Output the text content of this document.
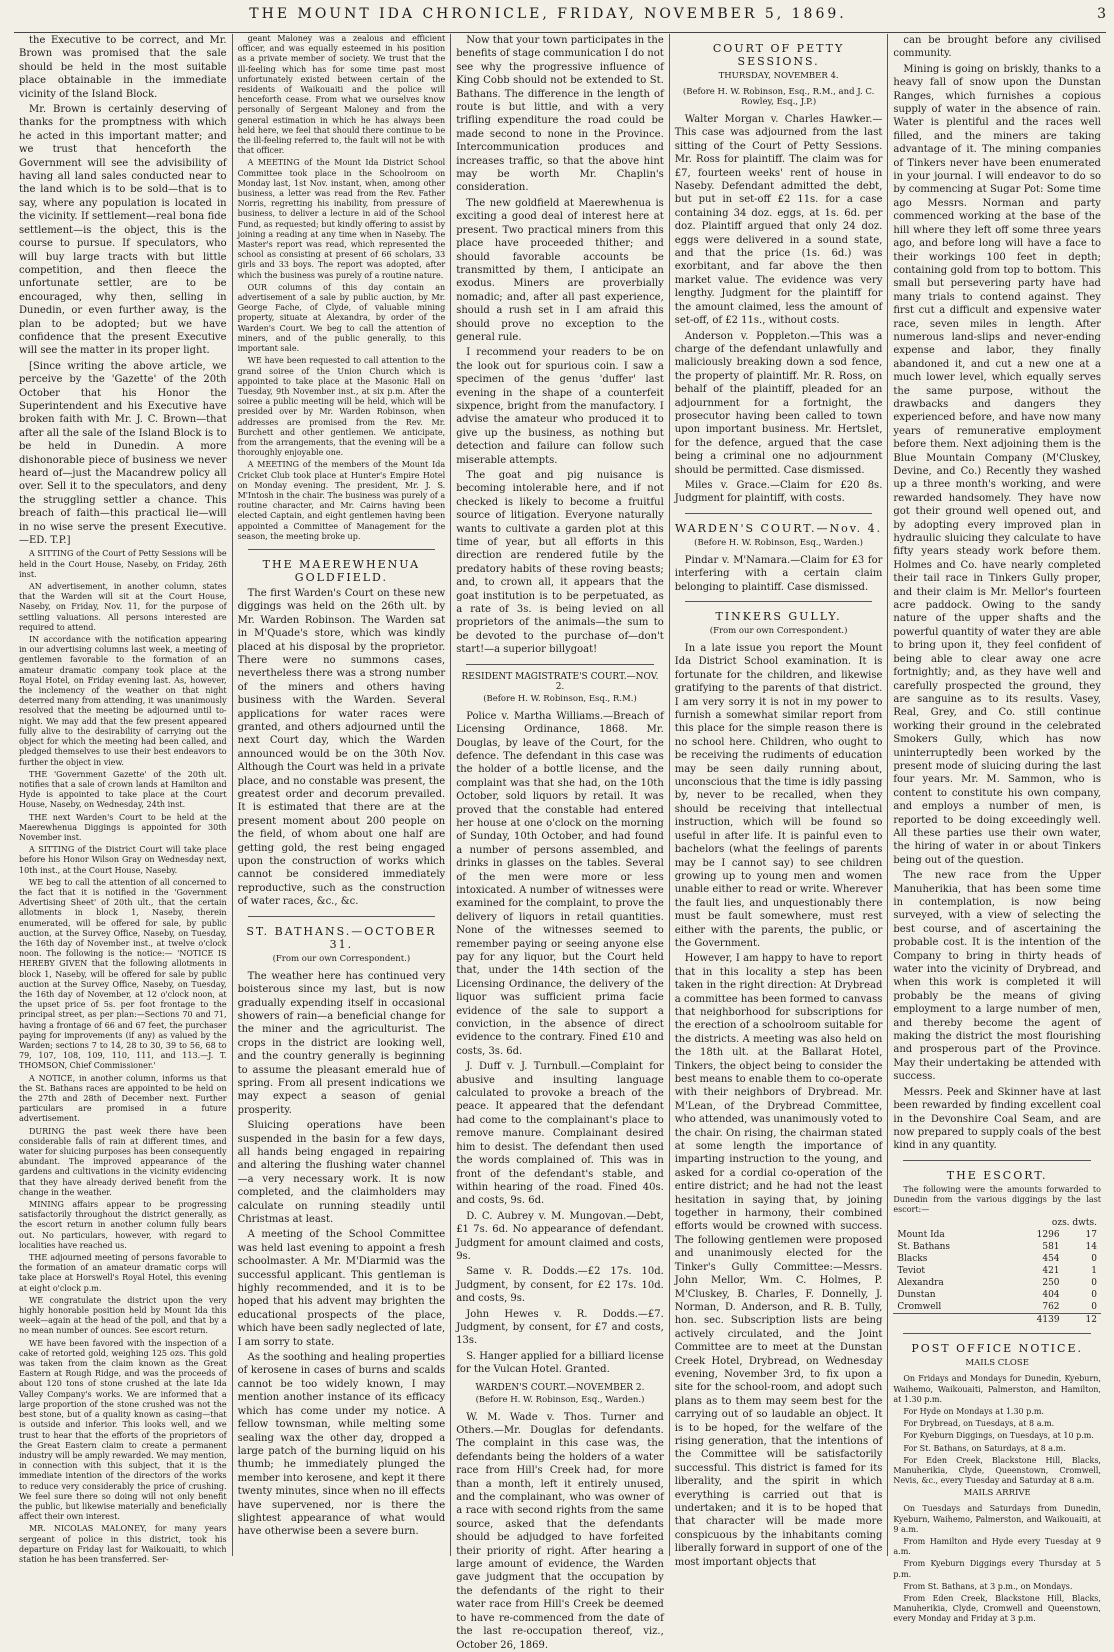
THE MOUNT IDA CHRONICLE, FRIDAY, NOVEMBER 5, 1869.	3

the Executive to be correct, and Mr. Brown was promised that the sale should be held in the most suitable place obtainable in the immediate vicinity of the Island Block.

Mr. Brown is certainly deserving of thanks for the promptness with which he acted in this important matter; and we trust that henceforth the Government will see the advisibility of having all land sales conducted near to the land which is to be sold—that is to say, where any population is located in the vicinity. If settlement—real bona fide settlement—is the object, this is the course to pursue. If speculators, who will buy large tracts with but little competition, and then fleece the unfortunate settler, are to be encouraged, why then, selling in Dunedin, or even further away, is the plan to be adopted; but we have confidence that the present Executive will see the matter in its proper light.

[Since writing the above article, we perceive by the 'Gazette' of the 20th October that his Honor the Superintendent and his Executive have broken faith with Mr. J. C. Brown—that after all the sale of the Island Block is to be held in Dunedin. A more dishonorable piece of business we never heard of—just the Macandrew policy all over. Sell it to the speculators, and deny the struggling settler a chance. This breach of faith—this practical lie—will in no wise serve the present Executive.—ED. T.P.]

A SITTING of the Court of Petty Sessions will be held in the Court House, Naseby, on Friday, 26th inst.

AN advertisement, in another column, states that the Warden will sit at the Court House, Naseby, on Friday, Nov. 11, for the purpose of settling valuations. All persons interested are required to attend.

IN accordance with the notification appearing in our advertising columns last week, a meeting of gentlemen favorable to the formation of an amateur dramatic company took place at the Royal Hotel, on Friday evening last. As, however, the inclemency of the weather on that night deterred many from attending, it was unanimously resolved that the meeting be adjourned until to-night. We may add that the few present appeared fully alive to the desirability of carrying out the object for which the meeting had been called, and pledged themselves to use their best endeavors to further the object in view.

THE 'Government Gazette' of the 20th ult. notifies that a sale of crown lands at Hamilton and Hyde is appointed to take place at the Court House, Naseby, on Wednesday, 24th inst.

THE next Warden's Court to be held at the Maerewhenua Diggings is appointed for 30th November inst.

A SITTING of the District Court will take place before his Honor Wilson Gray on Wednesday next, 10th inst., at the Court House, Naseby.

WE beg to call the attention of all concerned to the fact that it is notified in the 'Government Advertising Sheet' of 20th ult., that the certain allotments in block 1, Naseby, therein enumerated, will be offered for sale, by public auction, at the Survey Office, Naseby, on Tuesday, the 16th day of November inst., at twelve o'clock noon. The following is the notice:— 'NOTICE IS HEREBY GIVEN that the following allotments in block 1, Naseby, will be offered for sale by public auction at the Survey Office, Naseby, on Tuesday, the 16th day of November, at 12 o'clock noon, at the upset price of 5s. per foot frontage to the principal street, as per plan:—Sections 70 and 71, having a frontage of 66 and 67 feet, the purchaser paying for improvements (if any) as valued by the Warden; sections 7 to 14, 28 to 30, 39 to 56, 68 to 79, 107, 108, 109, 110, 111, and 113.—J. T. THOMSON, Chief Commissioner.'

A NOTICE, in another column, informs us that the St. Bathans races are appointed to be held on the 27th and 28th of December next. Further particulars are promised in a future advertisement.

DURING the past week there have been considerable falls of rain at different times, and water for sluicing purposes has been consequently abundant. The improved appearance of the gardens and cultivations in the vicinity evidencing that they have already derived benefit from the change in the weather.

MINING affairs appear to be progressing satisfactorily throughout the district generally, as the escort return in another column fully bears out. No particulars, however, with regard to localities have reached us.

THE adjourned meeting of persons favorable to the formation of an amateur dramatic corps will take place at Horswell's Royal Hotel, this evening at eight o'clock p.m.

WE congratulate the district upon the very highly honorable position held by Mount Ida this week—again at the head of the poll, and that by a no mean number of ounces. See escort return.

WE have been favored with the inspection of a cake of retorted gold, weighing 125 ozs. This gold was taken from the claim known as the Great Eastern at Rough Ridge, and was the proceeds of about 120 tons of stone crushed at the late Ida Valley Company's works. We are informed that a large proportion of the stone crushed was not the best stone, but of a quality known as casing—that is outside and inferior. This looks well, and we trust to hear that the efforts of the proprietors of the Great Eastern claim to create a permanent industry will be amply rewarded. We may mention, in connection with this subject, that it is the immediate intention of the directors of the works to reduce very considerably the price of crushing. We feel sure there so doing will not only benefit the public, but likewise materially and beneficially affect their own interest.

MR. NICOLAS MALONEY, for many years sergeant of police in this district, took his departure on Friday last for Waikouaiti, to which station he has been transferred. Ser-

geant Maloney was a zealous and efficient officer, and was equally esteemed in his position as a private member of society. We trust that the ill-feeling which has for some time past most unfortunately existed between certain of the residents of Waikouaiti and the police will henceforth cease. From what we ourselves know personally of Sergeant Maloney and from the general estimation in which he has always been held here, we feel that should there continue to be the ill-feeling referred to, the fault will not be with that officer.

A MEETING of the Mount Ida District School Committee took place in the Schoolroom on Monday last, 1st Nov. instant, when, among other business, a letter was read from the Rev. Father Norris, regretting his inability, from pressure of business, to deliver a lecture in aid of the School Fund, as requested; but kindly offering to assist by joining a reading at any time when in Naseby. The Master's report was read, which represented the school as consisting at present of 66 scholars, 33 girls and 33 boys. The report was adopted, after which the business was purely of a routine nature.

OUR columns of this day contain an advertisement of a sale by public auction, by Mr. George Fache, of Clyde, of valuable mining property, situate at Alexandra, by order of the Warden's Court. We beg to call the attention of miners, and of the public generally, to this important sale.

WE have been requested to call attention to the grand soiree of the Union Church which is appointed to take place at the Masonic Hall on Tuesday, 9th November inst., at six p.m. After the soiree a public meeting will be held, which will be presided over by Mr. Warden Robinson, when addresses are promised from the Rev. Mr. Burchett and other gentlemen. We anticipate, from the arrangements, that the evening will be a thoroughly enjoyable one.

A MEETING of the members of the Mount Ida Cricket Club took place at Hunter's Empire Hotel on Monday evening. The president, Mr. J. S. M'Intosh in the chair. The business was purely of a routine character, and Mr. Cairns having been elected Captain, and eight gentlemen having been appointed a Committee of Management for the season, the meeting broke up.

THE MAEREWHENUA GOLDFIELD.

The first Warden's Court on these new diggings was held on the 26th ult. by Mr. Warden Robinson. The Warden sat in M'Quade's store, which was kindly placed at his disposal by the proprietor. There were no summons cases, nevertheless there was a strong number of the miners and others having business with the Warden. Several applications for water races were granted, and others adjourned until the next Court day, which the Warden announced would be on the 30th Nov. Although the Court was held in a private place, and no constable was present, the greatest order and decorum prevailed. It is estimated that there are at the present moment about 200 people on the field, of whom about one half are getting gold, the rest being engaged upon the construction of works which cannot be considered immediately reproductive, such as the construction of water races, &c., &c.

ST. BATHANS.—OCTOBER 31.
(From our own Correspondent.)

The weather here has continued very boisterous since my last, but is now gradually expending itself in occasional showers of rain—a beneficial change for the miner and the agriculturist. The crops in the district are looking well, and the country generally is beginning to assume the pleasant emerald hue of spring. From all present indications we may expect a season of genial prosperity.

Sluicing operations have been suspended in the basin for a few days, all hands being engaged in repairing and altering the flushing water channel—a very necessary work. It is now completed, and the claimholders may calculate on running steadily until Christmas at least.

A meeting of the School Committee was held last evening to appoint a fresh schoolmaster. A Mr. M'Diarmid was the successful applicant. This gentleman is highly recommended, and it is to be hoped that his advent may brighten the educational prospects of the place, which have been sadly neglected of late, I am sorry to state.

As the soothing and healing properties of kerosene in cases of burns and scalds cannot be too widely known, I may mention another instance of its efficacy which has come under my notice. A fellow townsman, while melting some sealing wax the other day, dropped a large patch of the burning liquid on his thumb; he immediately plunged the member into kerosene, and kept it there twenty minutes, since when no ill effects have supervened, nor is there the slightest appearance of what would have otherwise been a severe burn.

Now that your town participates in the benefits of stage communication I do not see why the progressive influence of King Cobb should not be extended to St. Bathans. The difference in the length of route is but little, and with a very trifling expenditure the road could be made second to none in the Province. Intercommunication produces and increases traffic, so that the above hint may be worth Mr. Chaplin's consideration.

The new goldfield at Maerewhenua is exciting a good deal of interest here at present. Two practical miners from this place have proceeded thither; and should favorable accounts be transmitted by them, I anticipate an exodus. Miners are proverbially nomadic; and, after all past experience, should a rush set in I am afraid this should prove no exception to the general rule.

I recommend your readers to be on the look out for spurious coin. I saw a specimen of the genus 'duffer' last evening in the shape of a counterfeit sixpence, bright from the manufactory. I advise the amateur who produced it to give up the business, as nothing but detection and failure can follow such miserable attempts.

The goat and pig nuisance is becoming intolerable here, and if not checked is likely to become a fruitful source of litigation. Everyone naturally wants to cultivate a garden plot at this time of year, but all efforts in this direction are rendered futile by the predatory habits of these roving beasts; and, to crown all, it appears that the goat institution is to be perpetuated, as a rate of 3s. is being levied on all proprietors of the animals—the sum to be devoted to the purchase of—don't start!—a superior billygoat!

RESIDENT MAGISTRATE'S COURT.—NOV. 2.
(Before H. W. Robinson, Esq., R.M.)

Police v. Martha Williams.—Breach of Licensing Ordinance, 1868. Mr. Douglas, by leave of the Court, for the defence. The defendant in this case was the holder of a bottle license, and the complaint was that she had, on the 10th October, sold liquors by retail. It was proved that the constable had entered her house at one o'clock on the morning of Sunday, 10th October, and had found a number of persons assembled, and drinks in glasses on the tables. Several of the men were more or less intoxicated. A number of witnesses were examined for the complaint, to prove the delivery of liquors in retail quantities. None of the witnesses seemed to remember paying or seeing anyone else pay for any liquor, but the Court held that, under the 14th section of the Licensing Ordinance, the delivery of the liquor was sufficient prima facie evidence of the sale to support a conviction, in the absence of direct evidence to the contrary. Fined £10 and costs, 3s. 6d.

J. Duff v. J. Turnbull.—Complaint for abusive and insulting language calculated to provoke a breach of the peace. It appeared that the defendant had come to the complainant's place to remove manure. Complainant desired him to desist. The defendant then used the words complained of. This was in front of the defendant's stable, and within hearing of the road. Fined 40s. and costs, 9s. 6d.

D. C. Aubrey v. M. Mungovan.—Debt, £1 7s. 6d. No appearance of defendant. Judgment for amount claimed and costs, 9s.

Same v. R. Dodds.—£2 17s. 10d. Judgment, by consent, for £2 17s. 10d. and costs, 9s.

John Hewes v. R. Dodds.—£7. Judgment, by consent, for £7 and costs, 13s.

S. Hanger applied for a billiard license for the Vulcan Hotel. Granted.

WARDEN'S COURT.—NOVEMBER 2.
(Before H. W. Robinson, Esq., Warden.)

W. M. Wade v. Thos. Turner and Others.—Mr. Douglas for defendants. The complaint in this case was, the defendants being the holders of a water race from Hill's Creek had, for more than a month, left it entirely unused, and the complainant, who was owner of a race with second rights from the same source, asked that the defendants should be adjudged to have forfeited their priority of right. After hearing a large amount of evidence, the Warden gave judgment that the occupation by the defendants of the right to their water race from Hill's Creek be deemed to have re-commenced from the date of the last re-occupation thereof, viz., October 26, 1869.

COURT OF PETTY SESSIONS.
THURSDAY, NOVEMBER 4.
(Before H. W. Robinson, Esq., R.M., and J. C. Rowley, Esq., J.P.)

Walter Morgan v. Charles Hawker.—This case was adjourned from the last sitting of the Court of Petty Sessions. Mr. Ross for plaintiff. The claim was for £7, fourteen weeks' rent of house in Naseby. Defendant admitted the debt, but put in set-off £2 11s. for a case containing 34 doz. eggs, at 1s. 6d. per doz. Plaintiff argued that only 24 doz. eggs were delivered in a sound state, and that the price (1s. 6d.) was exorbitant, and far above the then market value. The evidence was very lengthy. Judgment for the plaintiff for the amount claimed, less the amount of set-off, of £2 11s., without costs.

Anderson v. Poppleton.—This was a charge of the defendant unlawfully and maliciously breaking down a sod fence, the property of plaintiff. Mr. R. Ross, on behalf of the plaintiff, pleaded for an adjournment for a fortnight, the prosecutor having been called to town upon important business. Mr. Hertslet, for the defence, argued that the case being a criminal one no adjournment should be permitted. Case dismissed.

Miles v. Grace.—Claim for £20 8s. Judgment for plaintiff, with costs.

WARDEN'S COURT.—Nov. 4.
(Before H. W. Robinson, Esq., Warden.)

Pindar v. M'Namara.—Claim for £3 for interfering with a certain claim belonging to plaintiff. Case dismissed.

TINKERS GULLY.
(From our own Correspondent.)

In a late issue you report the Mount Ida District School examination. It is fortunate for the children, and likewise gratifying to the parents of that district. I am very sorry it is not in my power to furnish a somewhat similar report from this place for the simple reason there is no school here. Children, who ought to be receiving the rudiments of education may be seen daily running about, unconscious that the time is idly passing by, never to be recalled, when they should be receiving that intellectual instruction, which will be found so useful in after life. It is painful even to bachelors (what the feelings of parents may be I cannot say) to see children growing up to young men and women unable either to read or write. Wherever the fault lies, and unquestionably there must be fault somewhere, must rest either with the parents, the public, or the Government.

However, I am happy to have to report that in this locality a step has been taken in the right direction: At Drybread a committee has been formed to canvass that neighborhood for subscriptions for the erection of a schoolroom suitable for the districts. A meeting was also held on the 18th ult. at the Ballarat Hotel, Tinkers, the object being to consider the best means to enable them to co-operate with their neighbors of Drybread. Mr. M'Lean, of the Drybread Committee, who attended, was unanimously voted to the chair. On rising, the chairman stated at some length the importance of imparting instruction to the young, and asked for a cordial co-operation of the entire district; and he had not the least hesitation in saying that, by joining together in harmony, their combined efforts would be crowned with success. The following gentlemen were proposed and unanimously elected for the Tinker's Gully Committee:—Messrs. John Mellor, Wm. C. Holmes, P. M'Cluskey, B. Charles, F. Donnelly, J. Norman, D. Anderson, and R. B. Tully, hon. sec. Subscription lists are being actively circulated, and the Joint Committee are to meet at the Dunstan Creek Hotel, Drybread, on Wednesday evening, November 3rd, to fix upon a site for the school-room, and adopt such plans as to them may seem best for the carrying out of so laudable an object. It is to be hoped, for the welfare of the rising generation, that the intentions of the Committee will be satisfactorily successful. This district is famed for its liberality, and the spirit in which everything is carried out that is undertaken; and it is to be hoped that that character will be made more conspicuous by the inhabitants coming liberally forward in support of one of the most important objects that

can be brought before any civilised community.

Mining is going on briskly, thanks to a heavy fall of snow upon the Dunstan Ranges, which furnishes a copious supply of water in the absence of rain. Water is plentiful and the races well filled, and the miners are taking advantage of it. The mining companies of Tinkers never have been enumerated in your journal. I will endeavor to do so by commencing at Sugar Pot: Some time ago Messrs. Norman and party commenced working at the base of the hill where they left off some three years ago, and before long will have a face to their workings 100 feet in depth; containing gold from top to bottom. This small but persevering party have had many trials to contend against. They first cut a difficult and expensive water race, seven miles in length. After numerous land-slips and never-ending expense and labor, they finally abandoned it, and cut a new one at a much lower level, which equally serves the same purpose, without the drawbacks and dangers they experienced before, and have now many years of remunerative employment before them. Next adjoining them is the Blue Mountain Company (M'Cluskey, Devine, and Co.) Recently they washed up a three month's working, and were rewarded handsomely. They have now got their ground well opened out, and by adopting every improved plan in hydraulic sluicing they calculate to have fifty years steady work before them. Holmes and Co. have nearly completed their tail race in Tinkers Gully proper, and their claim is Mr. Mellor's fourteen acre paddock. Owing to the sandy nature of the upper shafts and the powerful quantity of water they are able to bring upon it, they feel confident of being able to clear away one acre fortnightly; and, as they have well and carefully prospected the ground, they are sanguine as to its results. Vasey, Real, Grey, and Co. still continue working their ground in the celebrated Smokers Gully, which has now uninterruptedly been worked by the present mode of sluicing during the last four years. Mr. M. Sammon, who is content to constitute his own company, and employs a number of men, is reported to be doing exceedingly well. All these parties use their own water, the hiring of water in or about Tinkers being out of the question.

The new race from the Upper Manuherikia, that has been some time in contemplation, is now being surveyed, with a view of selecting the best course, and of ascertaining the probable cost. It is the intention of the Company to bring in thirty heads of water into the vicinity of Drybread, and when this work is completed it will probably be the means of giving employment to a large number of men, and thereby become the agent of making the district the most flourishing and prosperous part of the Province. May their undertaking be attended with success.

Messrs. Peek and Skinner have at last been rewarded by finding excellent coal in the Devonshire Coal Seam, and are now prepared to supply coals of the best kind in any quantity.

THE ESCORT.

The following were the amounts forwarded to Dunedin from the various diggings by the last escort:—

	ozs. dwts.	
Mount Ida	1296	17
St. Bathans	581	14
Blacks	454	0
Teviot	421	1
Alexandra	250	0
Dunstan	404	0
Cromwell	762	0
	4139	12
POST OFFICE NOTICE.
MAILS CLOSE

On Fridays and Mondays for Dunedin, Kyeburn, Waihemo, Waikouaiti, Palmerston, and Hamilton, at 1.30 p.m.

For Hyde on Mondays at 1.30 p.m.

For Drybread, on Tuesdays, at 8 a.m.

For Kyeburn Diggings, on Tuesdays, at 10 p.m.

For St. Bathans, on Saturdays, at 8 a.m.

For Eden Creek, Blackstone Hill, Blacks, Manuherikia, Clyde, Queenstown, Cromwell, Nevis, &c., every Tuesday and Saturday at 8 a.m.

MAILS ARRIVE

On Tuesdays and Saturdays from Dunedin, Kyeburn, Waihemo, Palmerston, and Waikouaiti, at 9 a.m.

From Hamilton and Hyde every Tuesday at 9 a.m.

From Kyeburn Diggings every Thursday at 5 p.m.

From St. Bathans, at 3 p.m., on Mondays.

From Eden Creek, Blackstone Hill, Blacks, Manuherikia, Clyde, Cromwell and Queenstown, every Monday and Friday at 3 p.m.
